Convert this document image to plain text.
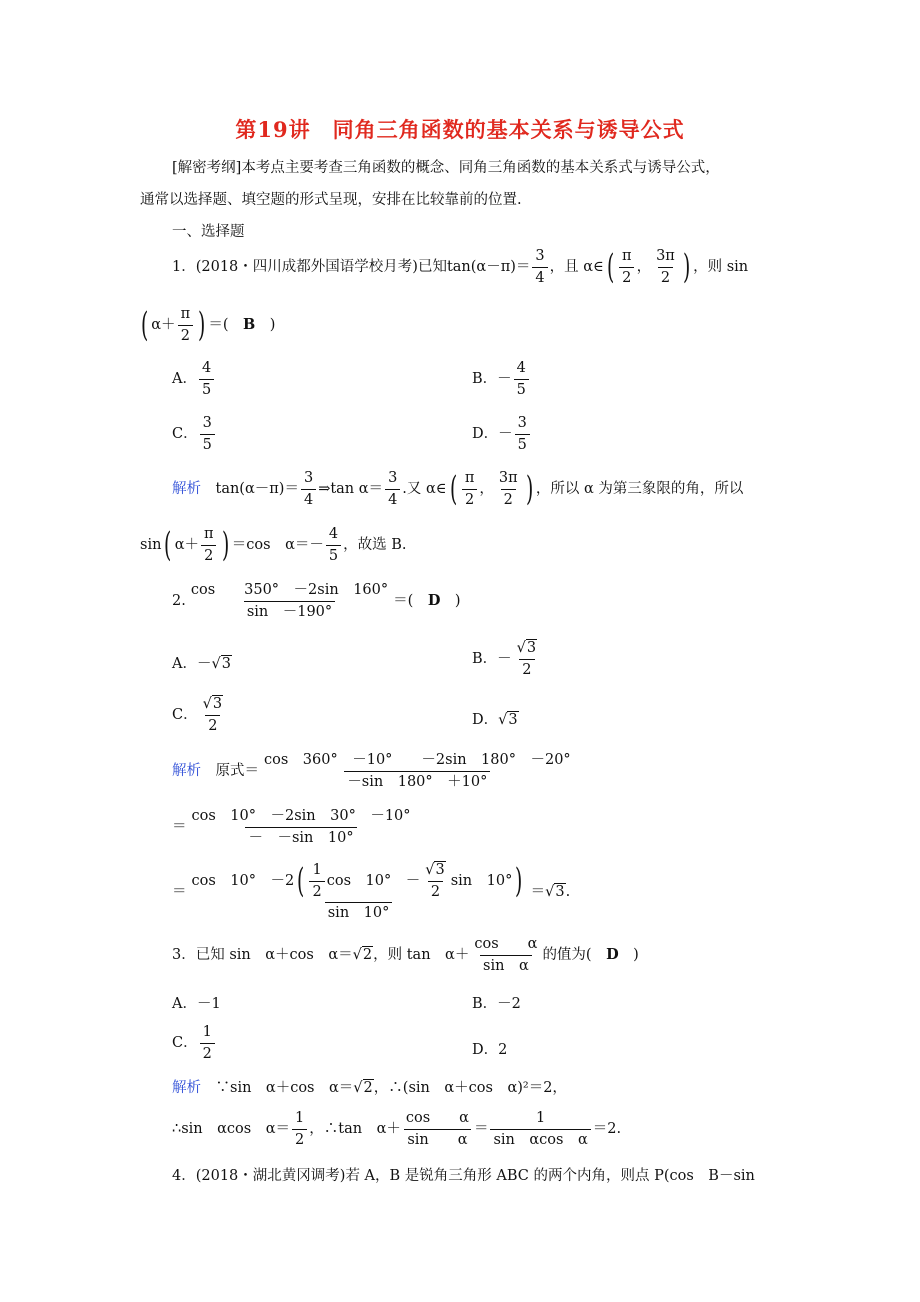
第19讲　同角三角函数的基本关系与诱导公式
[解密考纲]本考点主要考查三角函数的概念、同角三角函数的基本关系式与诱导公式，
通常以选择题、填空题的形式呈现，安排在比较靠前的位置.
一、选择题
1．(2018・四川成都外国语学校月考)已知$\tan(\alpha-\pi)= \frac{3}{4}$ ，且 α∈( $\frac{\pi}{2}$ ， $\frac{3\pi}{2}$ ) ，则 sin
( $\alpha+ \frac{\pi}{2}$ ) ＝(　B　)
A． $\frac{4}{5}$	B．－ $\frac{4}{5}$
C． $\frac{3}{5}$	D．－ $\frac{3}{5}$
解析　 $\tan(\alpha-\pi)= \frac{3}{4}$ ⇒tan $\alpha= \frac{3}{4}$ .又 α∈( $\frac{\pi}{2}$ ， $\frac{3\pi}{2}$ ) ，所以 α 为第三象限的角，所以
sin( $\alpha+ \frac{\pi}{2}$ ) ＝cos　$\alpha=- \frac{4}{5}$ ，故选 B.
2. $\frac{\cos 350^\circ -2\sin 160^\circ}{\sin -190^\circ}$ ＝(　D　)
A．－√3	B．－ $\frac{√3}{2}$
C． $\frac{√3}{2}$	D．√3
解析　 原式＝ $\frac{\cos 360^\circ -10^\circ -2\sin 180^\circ -20^\circ}{-\sin 180^\circ +10^\circ}$
＝ $\frac{\cos 10^\circ -2\sin 30^\circ -10^\circ}{- -\sin 10^\circ}$
＝ $\frac{\cos 10^\circ -2( \frac{1}{2} \cos 10^\circ - \frac{√3}{2} \sin 10^\circ)}{\sin 10^\circ} =√3$.
3．已知 sin　α＋cos　α＝√2，则 tan　$\alpha+ \frac{\text{cos　　α}}{\text{sin　α}}$ 的值为(　D　)
A．－1	B．－2
C． $\frac{1}{2}$	D．2
解析　 ∵sin　α＋cos　α＝√2，∴(sin　α＋cos　α)²＝2，
∴sin　αcos　$\alpha= \frac{1}{2}$ ，∴tan　$\alpha+ \frac{\text{cos　　α}}{\text{sin　　α}} = \frac{1}{\text{sin　αcos　α}} =2$.
4．(2018・湖北黄冈调考)若 A，B 是锐角三角形 ABC 的两个内角，则点 P(cos　B－sin
